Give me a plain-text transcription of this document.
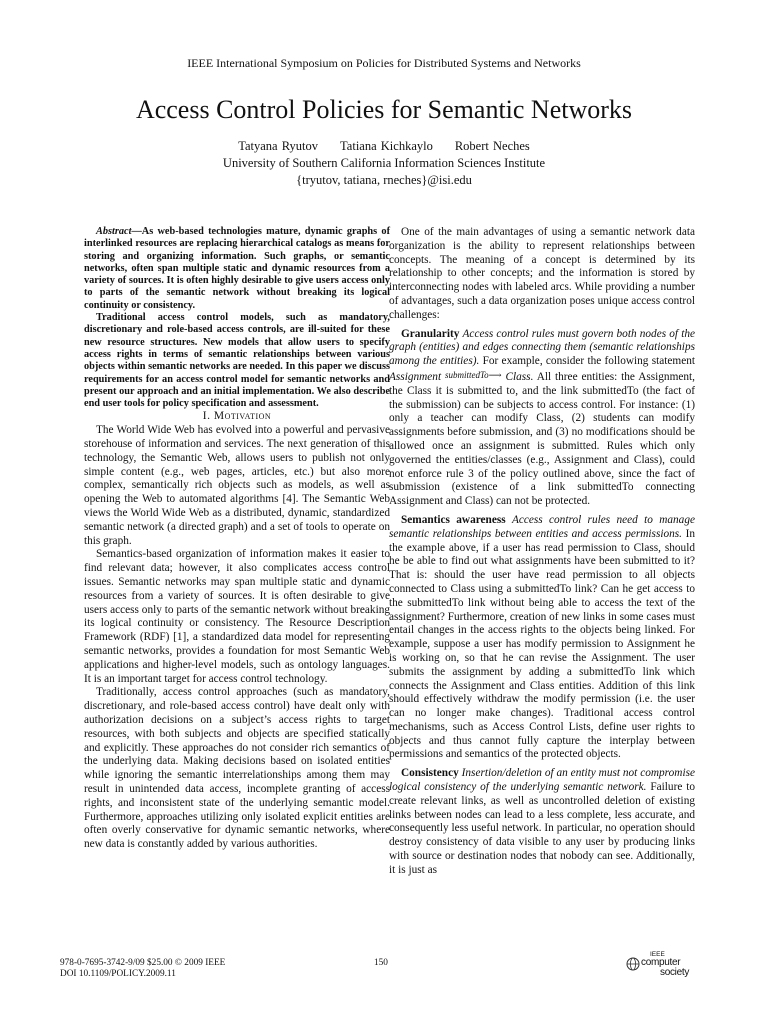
IEEE International Symposium on Policies for Distributed Systems and Networks
Access Control Policies for Semantic Networks
Tatyana Ryutov Tatiana Kichkaylo Robert Neches
University of Southern California Information Sciences Institute
{tryutov, tatiana, rneches}@isi.edu

Abstract—As web-based technologies mature, dynamic graphs of interlinked resources are replacing hierarchical catalogs as means for storing and organizing information. Such graphs, or semantic networks, often span multiple static and dynamic resources from a variety of sources. It is often highly desirable to give users access only to parts of the semantic network without breaking its logical continuity or consistency.

Traditional access control models, such as mandatory, discretionary and role-based access controls, are ill-suited for these new resource structures. New models that allow users to specify access rights in terms of semantic relationships between various objects within semantic networks are needed. In this paper we discuss requirements for an access control model for semantic networks and present our approach and an initial implementation. We also describe end user tools for policy specification and assessment.

I. Motivation

The World Wide Web has evolved into a powerful and pervasive storehouse of information and services. The next generation of this technology, the Semantic Web, allows users to publish not only simple content (e.g., web pages, articles, etc.) but also more complex, semantically rich objects such as models, as well as opening the Web to automated algorithms [4]. The Semantic Web views the World Wide Web as a distributed, dynamic, standardized semantic network (a directed graph) and a set of tools to operate on this graph.

Semantics-based organization of information makes it easier to find relevant data; however, it also complicates access control issues. Semantic networks may span multiple static and dynamic resources from a variety of sources. It is often desirable to give users access only to parts of the semantic network without breaking its logical continuity or consistency. The Resource Description Framework (RDF) [1], a standardized data model for representing semantic networks, provides a foundation for most Semantic Web applications and higher-level models, such as ontology languages. It is an important target for access control technology.

Traditionally, access control approaches (such as mandatory, discretionary, and role-based access control) have dealt only with authorization decisions on a subject’s access rights to target resources, with both subjects and objects are specified statically and explicitly. These approaches do not consider rich semantics of the underlying data. Making decisions based on isolated entities while ignoring the semantic interrelationships among them may result in unintended data access, incomplete granting of access rights, and inconsistent state of the underlying semantic model. Furthermore, approaches utilizing only isolated explicit entities are often overly conservative for dynamic semantic networks, where new data is constantly added by various authorities.

One of the main advantages of using a semantic network data organization is the ability to represent relationships between concepts. The meaning of a concept is determined by its relationship to other concepts; and the information is stored by interconnecting nodes with labeled arcs. While providing a number of advantages, such a data organization poses unique access control challenges:

Granularity Access control rules must govern both nodes of the graph (entities) and edges connecting them (semantic relationships among the entities). For example, consider the following statement Assignment submittedTo⟶ Class. All three entities: the Assignment, the Class it is submitted to, and the link submittedTo (the fact of the submission) can be subjects to access control. For instance: (1) only a teacher can modify Class, (2) students can modify assignments before submission, and (3) no modifications should be allowed once an assignment is submitted. Rules which only governed the entities/classes (e.g., Assignment and Class), could not enforce rule 3 of the policy outlined above, since the fact of submission (existence of a link submittedTo connecting Assignment and Class) can not be protected.

Semantics awareness Access control rules need to manage semantic relationships between entities and access permissions. In the example above, if a user has read permission to Class, should he be able to find out what assignments have been submitted to it? That is: should the user have read permission to all objects connected to Class using a submittedTo link? Can he get access to the submittedTo link without being able to access the text of the assignment? Furthermore, creation of new links in some cases must entail changes in the access rights to the objects being linked. For example, suppose a user has modify permission to Assignment he is working on, so that he can revise the Assignment. The user submits the assignment by adding a submittedTo link which connects the Assignment and Class entities. Addition of this link should effectively withdraw the modify permission (i.e. the user can no longer make changes). Traditional access control mechanisms, such as Access Control Lists, define user rights to objects and thus cannot fully capture the interplay between permissions and semantics of the protected objects.

Consistency Insertion/deletion of an entity must not compromise logical consistency of the underlying semantic network. Failure to create relevant links, as well as uncontrolled deletion of existing links between nodes can lead to a less complete, less accurate, and consequently less useful network. In particular, no operation should destroy consistency of data visible to any user by producing links with source or destination nodes that nobody can see. Additionally, it is just as

978-0-7695-3742-9/09 $25.00 © 2009 IEEE
DOI 10.1109/POLICY.2009.11
150
IEEE
computer
society
